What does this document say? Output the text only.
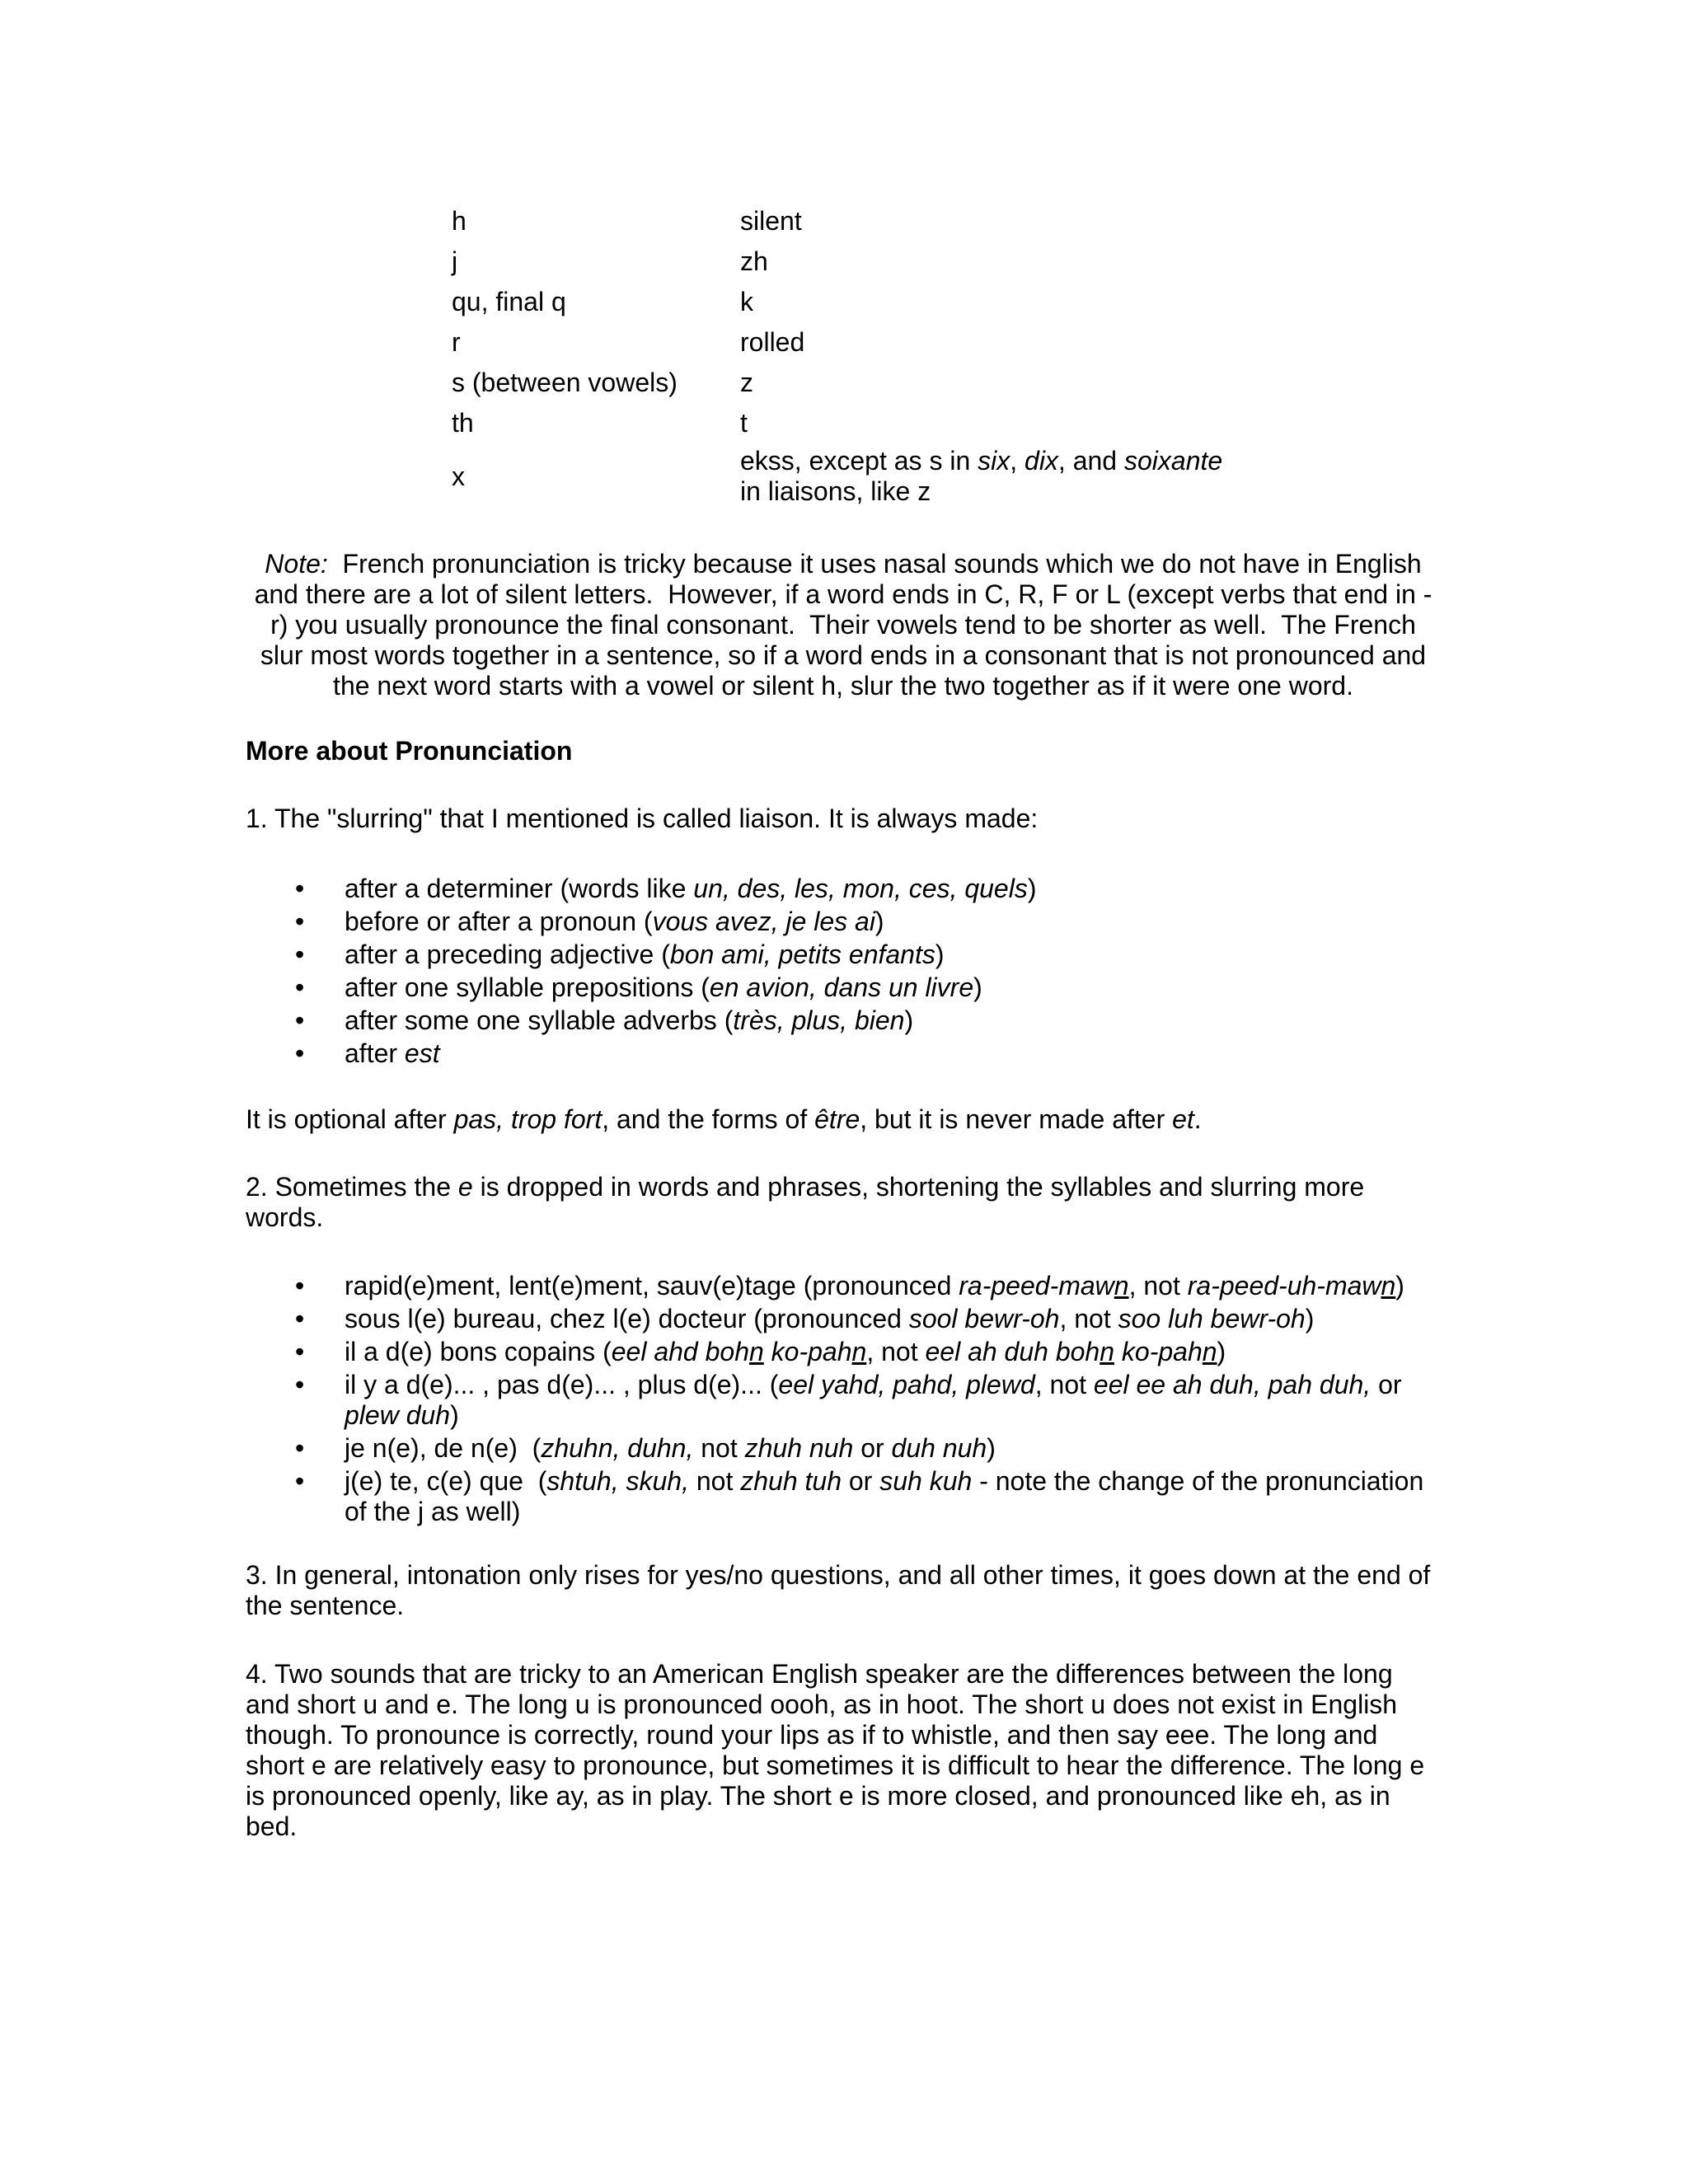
h	silent
j	zh
qu, final q	k
r	rolled
s (between vowels)	z
th	t
x	ekss, except as s in six, dix, and soixante
in liaisons, like z
Note:  French pronunciation is tricky because it uses nasal sounds which we do not have in English and there are a lot of silent letters.  However, if a word ends in C, R, F or L (except verbs that end in -r) you usually pronounce the final consonant.  Their vowels tend to be shorter as well.  The French slur most words together in a sentence, so if a word ends in a consonant that is not pronounced and the next word starts with a vowel or silent h, slur the two together as if it were one word.
More about Pronunciation
1. The "slurring" that I mentioned is called liaison. It is always made:
• after a determiner (words like un, des, les, mon, ces, quels)
• before or after a pronoun (vous avez, je les ai)
• after a preceding adjective (bon ami, petits enfants)
• after one syllable prepositions (en avion, dans un livre)
• after some one syllable adverbs (très, plus, bien)
• after est
It is optional after pas, trop fort, and the forms of être, but it is never made after et.
2. Sometimes the e is dropped in words and phrases, shortening the syllables and slurring more words.
• rapid(e)ment, lent(e)ment, sauv(e)tage (pronounced ra-peed-mawn, not ra-peed-uh-mawn)
• sous l(e) bureau, chez l(e) docteur (pronounced sool bewr-oh, not soo luh bewr-oh)
• il a d(e) bons copains (eel ahd bohn ko-pahn, not eel ah duh bohn ko-pahn)
• il y a d(e)... , pas d(e)... , plus d(e)... (eel yahd, pahd, plewd, not eel ee ah duh, pah duh, or plew duh)
• je n(e), de n(e)  (zhuhn, duhn, not zhuh nuh or duh nuh)
• j(e) te, c(e) que  (shtuh, skuh, not zhuh tuh or suh kuh - note the change of the pronunciation of the j as well)
3. In general, intonation only rises for yes/no questions, and all other times, it goes down at the end of the sentence.
4. Two sounds that are tricky to an American English speaker are the differences between the long and short u and e. The long u is pronounced oooh, as in hoot. The short u does not exist in English though. To pronounce is correctly, round your lips as if to whistle, and then say eee. The long and short e are relatively easy to pronounce, but sometimes it is difficult to hear the difference. The long e is pronounced openly, like ay, as in play. The short e is more closed, and pronounced like eh, as in bed.
